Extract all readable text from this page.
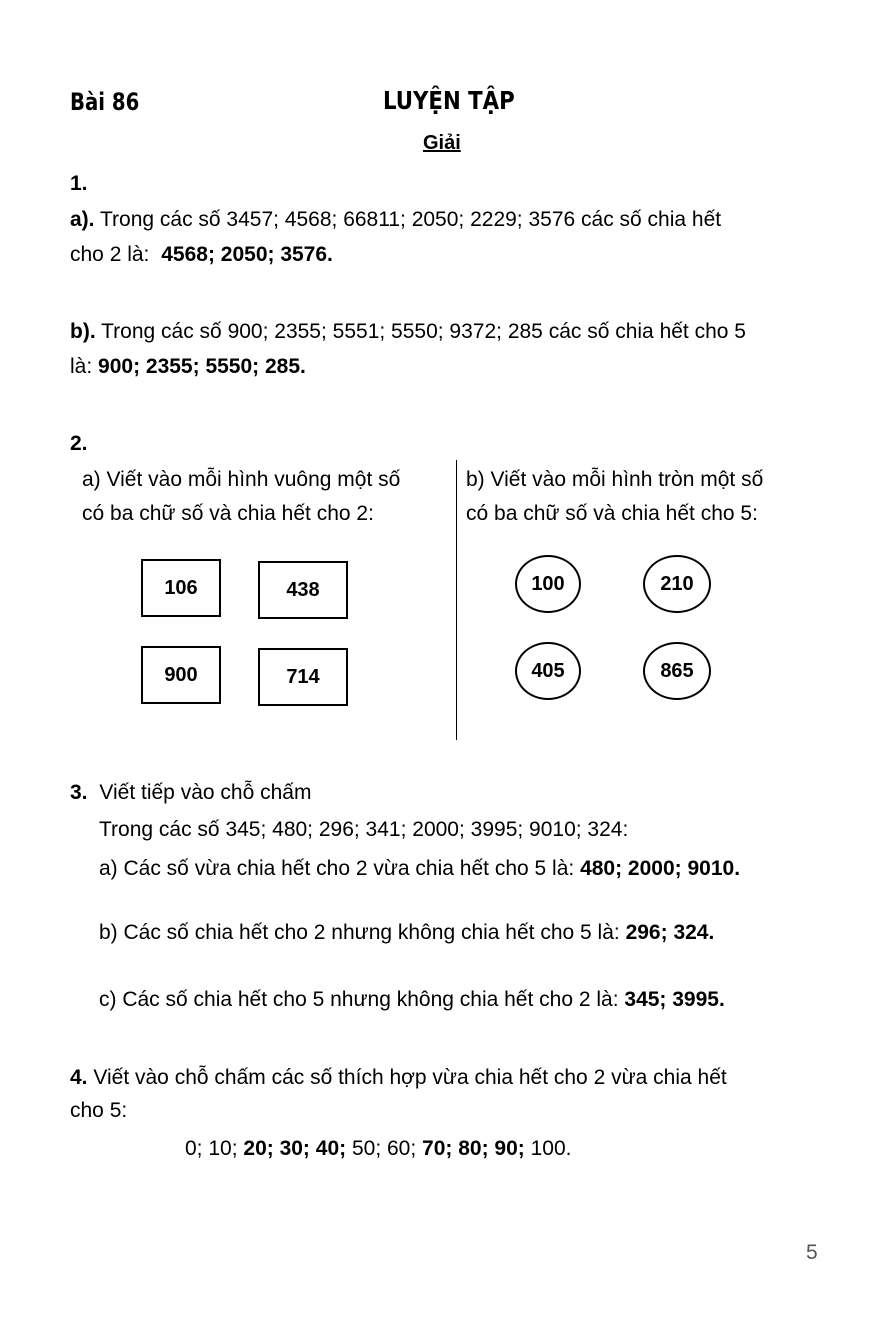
Bài 86	LUYỆN TẬP
Giải
1.
a). Trong các số 3457; 4568; 66811; 2050; 2229; 3576 các số chia hết
cho 2 là: 4568; 2050; 3576.
b). Trong các số 900; 2355; 5551; 5550; 9372; 285 các số chia hết cho 5
là: 900; 2355; 5550; 285.
2.
a) Viết vào mỗi hình vuông một số
có ba chữ số và chia hết cho 2:
b) Viết vào mỗi hình tròn một số
có ba chữ số và chia hết cho 5:
106	438
900	714
100	210
405	865
3. Viết tiếp vào chỗ chấm
Trong các số 345; 480; 296; 341; 2000; 3995; 9010; 324:
a) Các số vừa chia hết cho 2 vừa chia hết cho 5 là: 480; 2000; 9010.
b) Các số chia hết cho 2 nhưng không chia hết cho 5 là: 296; 324.
c) Các số chia hết cho 5 nhưng không chia hết cho 2 là: 345; 3995.
4. Viết vào chỗ chấm các số thích hợp vừa chia hết cho 2 vừa chia hết
cho 5:
0; 10; 20; 30; 40; 50; 60; 70; 80; 90; 100.
5
